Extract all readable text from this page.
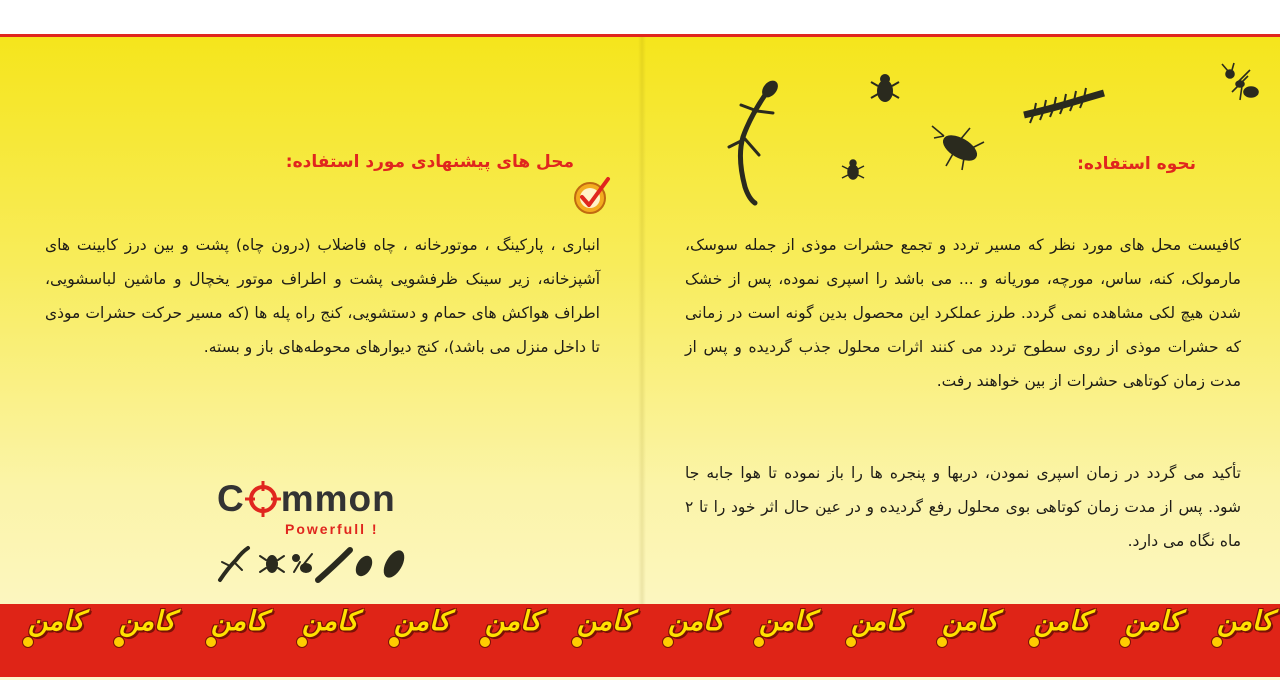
محل های پیشنهادی مورد استفاده:	نحوه استفاده:

انباری ، پارکینگ ، موتورخانه ، چاه فاضلاب (درون چاه) پشت و بین درز کابینت های آشپزخانه، زیر سینک ظرفشویی پشت و اطراف موتور یخچال و ماشین لباسشویی، اطراف هواکش های حمام و دستشویی، کنج راه پله ها (که مسیر حرکت حشرات موذی تا داخل منزل می باشد)، کنج دیوارهای محوطه‌های باز و بسته.

کافیست محل های مورد نظر که مسیر تردد و تجمع حشرات موذی از جمله سوسک، مارمولک، کنه، ساس، مورچه، موریانه و ... می باشد را اسپری نموده، پس از خشک شدن هیچ لکی مشاهده نمی گردد. طرز عملکرد این محصول بدین گونه است در زمانی که حشرات موذی از روی سطوح تردد می کنند اثرات محلول جذب گردیده و پس از مدت زمان کوتاهی حشرات از بین خواهند رفت.

تأکید می گردد در زمان اسپری نمودن، دربها و پنجره ها را باز نموده تا هوا جابه جا شود. پس از مدت زمان کوتاهی بوی محلول رفع گردیده و در عین حال اثر خود را تا ۲ ماه نگاه می دارد.

C mmon
Powerfull !
کامن کامن کامن کامن کامن کامن کامن کامن کامن کامن کامن کامن کامن کامن
